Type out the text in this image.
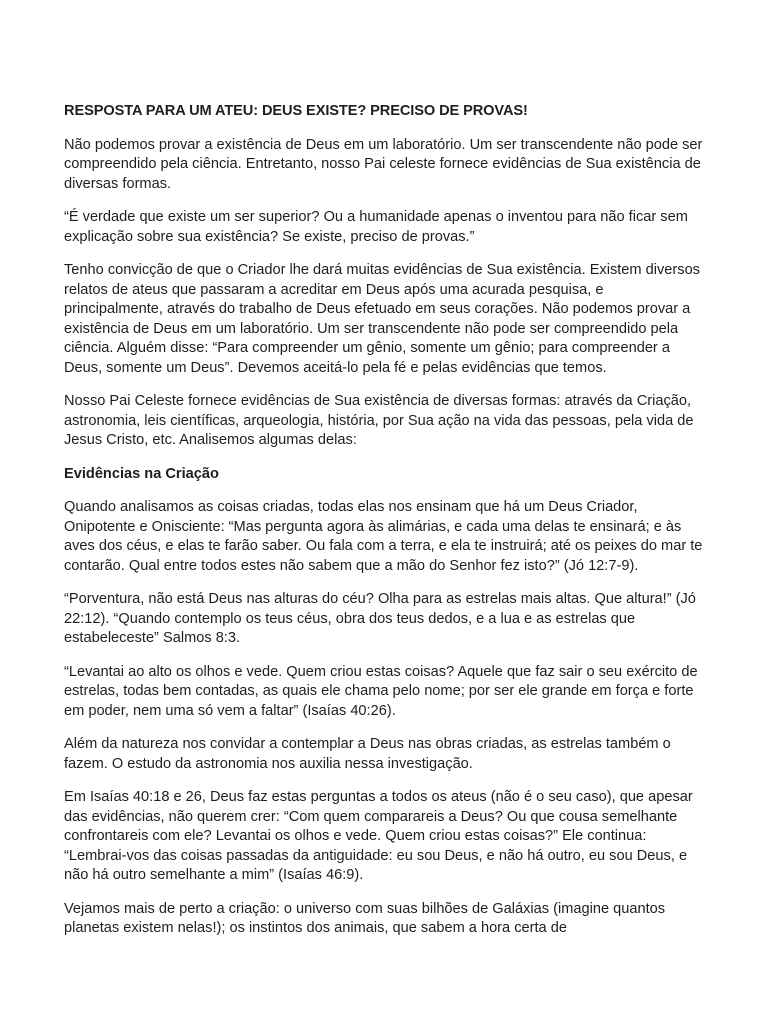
RESPOSTA PARA UM ATEU: DEUS EXISTE? PRECISO DE PROVAS!

Não podemos provar a existência de Deus em um laboratório. Um ser transcendente não pode ser compreendido pela ciência. Entretanto, nosso Pai celeste fornece evidências de Sua existência de diversas formas.

“É verdade que existe um ser superior? Ou a humanidade apenas o inventou para não ficar sem explicação sobre sua existência? Se existe, preciso de provas.”

Tenho convicção de que o Criador lhe dará muitas evidências de Sua existência. Existem diversos relatos de ateus que passaram a acreditar em Deus após uma acurada pesquisa, e principalmente, através do trabalho de Deus efetuado em seus corações. Não podemos provar a existência de Deus em um laboratório. Um ser transcendente não pode ser compreendido pela ciência. Alguém disse: “Para compreender um gênio, somente um gênio; para compreender a Deus, somente um Deus”. Devemos aceitá-lo pela fé e pelas evidências que temos.

Nosso Pai Celeste fornece evidências de Sua existência de diversas formas: através da Criação, astronomia, leis científicas, arqueologia, história, por Sua ação na vida das pessoas, pela vida de Jesus Cristo, etc. Analisemos algumas delas:

Evidências na Criação

Quando analisamos as coisas criadas, todas elas nos ensinam que há um Deus Criador, Onipotente e Onisciente: “Mas pergunta agora às alimárias, e cada uma delas te ensinará; e às aves dos céus, e elas te farão saber. Ou fala com a terra, e ela te instruirá; até os peixes do mar te contarão. Qual entre todos estes não sabem que a mão do Senhor fez isto?” (Jó 12:7-9).

“Porventura, não está Deus nas alturas do céu? Olha para as estrelas mais altas. Que altura!” (Jó 22:12). “Quando contemplo os teus céus, obra dos teus dedos, e a lua e as estrelas que estabeleceste” Salmos 8:3.

“Levantai ao alto os olhos e vede. Quem criou estas coisas? Aquele que faz sair o seu exército de estrelas, todas bem contadas, as quais ele chama pelo nome; por ser ele grande em força e forte em poder, nem uma só vem a faltar” (Isaías 40:26).

Além da natureza nos convidar a contemplar a Deus nas obras criadas, as estrelas também o fazem. O estudo da astronomia nos auxilia nessa investigação.

Em Isaías 40:18 e 26, Deus faz estas perguntas a todos os ateus (não é o seu caso), que apesar das evidências, não querem crer: “Com quem comparareis a Deus? Ou que cousa semelhante confrontareis com ele? Levantai os olhos e vede. Quem criou estas coisas?” Ele continua: “Lembrai-vos das coisas passadas da antiguidade: eu sou Deus, e não há outro, eu sou Deus, e não há outro semelhante a mim” (Isaías 46:9).

Vejamos mais de perto a criação: o universo com suas bilhões de Galáxias (imagine quantos planetas existem nelas!); os instintos dos animais, que sabem a hora certa de
